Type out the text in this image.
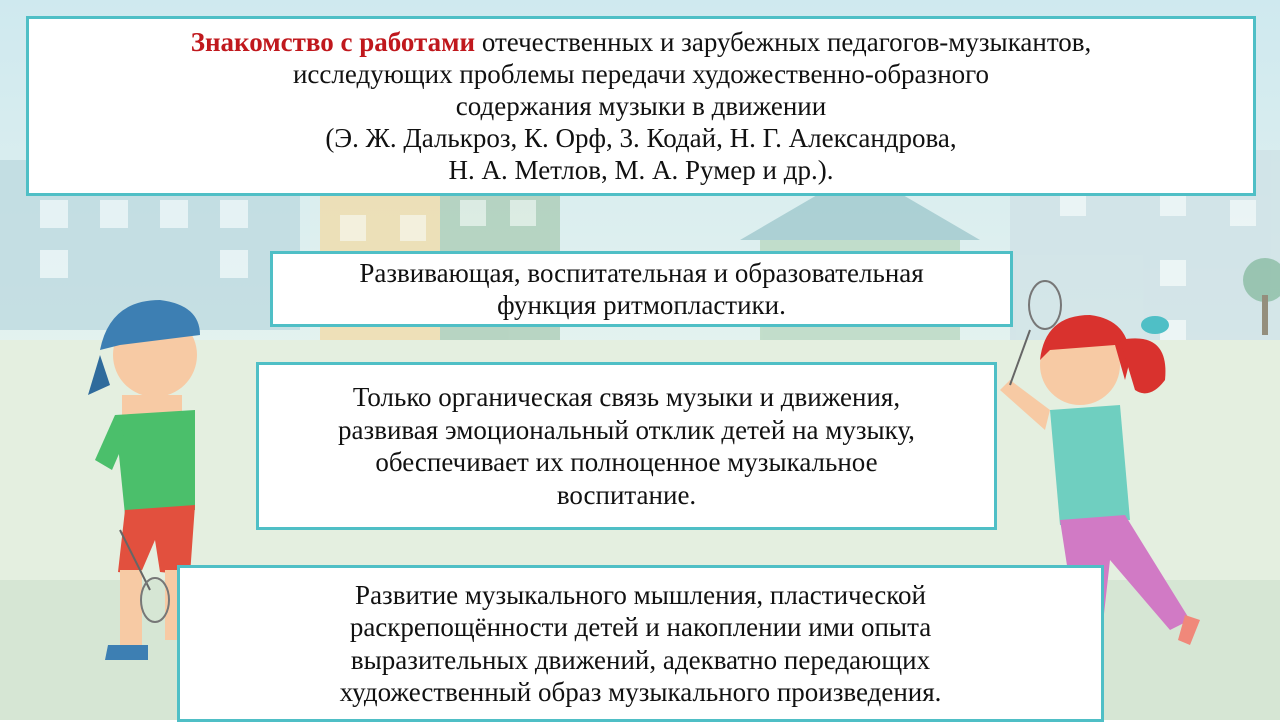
Знакомство с работами отечественных и зарубежных педагогов-музыкантов,

исследующих проблемы передачи художественно-образного

содержания музыки в движении

(Э. Ж. Далькроз, К. Орф, 3. Кодай, Н. Г. Александрова,

Н. А. Метлов, М. А. Румер и др.).

Развивающая, воспитательная и образовательная

функция ритмопластики.

Только органическая связь музыки и движения,

развивая эмоциональный отклик детей на музыку,

обеспечивает их полноценное музыкальное

воспитание.

Развитие музыкального мышления, пластической

раскрепощённости детей и накоплении ими опыта

выразительных движений, адекватно передающих

художественный образ музыкального произведения.
